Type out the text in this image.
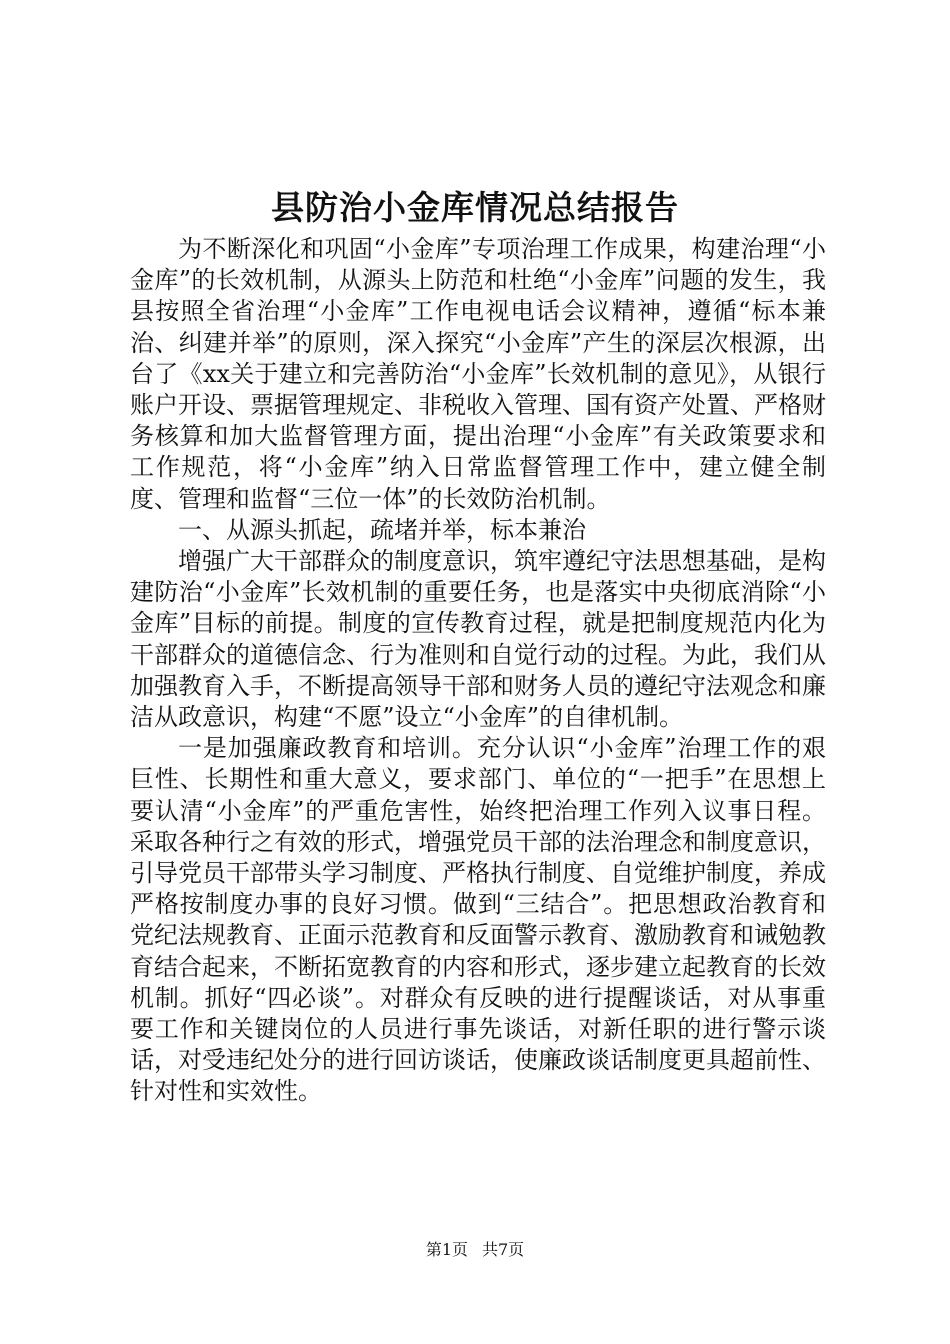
县防治小金库情况总结报告

为不断深化和巩固“小金库”专项治理工作成果，构建治理“小金库”的长效机制，从源头上防范和杜绝“小金库”问题的发生，我县按照全省治理“小金库”工作电视电话会议精神，遵循“标本兼治、纠建并举”的原则，深入探究“小金库”产生的深层次根源，出台了《xx关于建立和完善防治“小金库”长效机制的意见》，从银行账户开设、票据管理规定、非税收入管理、国有资产处置、严格财务核算和加大监督管理方面，提出治理“小金库”有关政策要求和工作规范，将“小金库”纳入日常监督管理工作中，建立健全制度、管理和监督“三位一体”的长效防治机制。

一、从源头抓起，疏堵并举，标本兼治

增强广大干部群众的制度意识，筑牢遵纪守法思想基础，是构建防治“小金库”长效机制的重要任务，也是落实中央彻底消除“小金库”目标的前提。制度的宣传教育过程，就是把制度规范内化为干部群众的道德信念、行为准则和自觉行动的过程。为此，我们从加强教育入手，不断提高领导干部和财务人员的遵纪守法观念和廉洁从政意识，构建“不愿”设立“小金库”的自律机制。

一是加强廉政教育和培训。充分认识“小金库”治理工作的艰巨性、长期性和重大意义，要求部门、单位的“一把手”在思想上要认清“小金库”的严重危害性，始终把治理工作列入议事日程。采取各种行之有效的形式，增强党员干部的法治理念和制度意识，引导党员干部带头学习制度、严格执行制度、自觉维护制度，养成严格按制度办事的良好习惯。做到“三结合”。把思想政治教育和党纪法规教育、正面示范教育和反面警示教育、激励教育和诫勉教育结合起来，不断拓宽教育的内容和形式，逐步建立起教育的长效机制。抓好“四必谈”。对群众有反映的进行提醒谈话，对从事重要工作和关键岗位的人员进行事先谈话，对新任职的进行警示谈话，对受违纪处分的进行回访谈话，使廉政谈话制度更具超前性、针对性和实效性。

第1页 共7页
